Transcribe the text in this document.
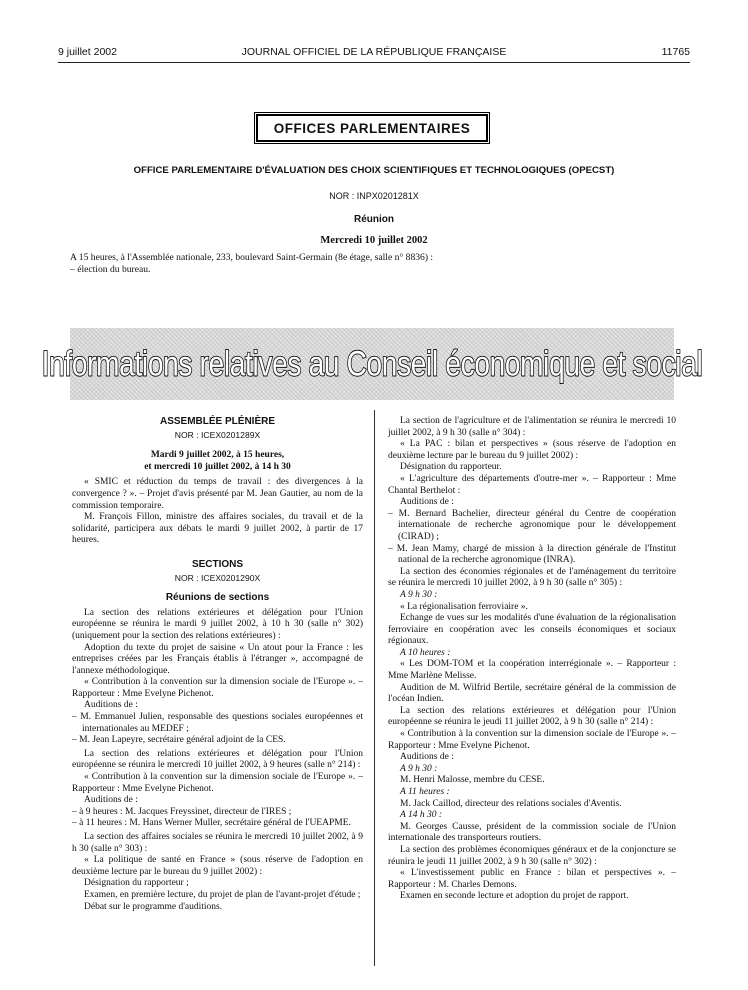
9 juillet 2002	JOURNAL OFFICIEL DE LA RÉPUBLIQUE FRANÇAISE	11765
OFFICES PARLEMENTAIRES
OFFICE PARLEMENTAIRE D'ÉVALUATION DES CHOIX SCIENTIFIQUES ET TECHNOLOGIQUES (OPECST)
NOR : INPX0201281X
Réunion
Mercredi 10 juillet 2002
A 15 heures, à l'Assemblée nationale, 233, boulevard Saint-Germain (8e étage, salle n° 8836) :
– élection du bureau.
Informations relatives au Conseil économique et social

ASSEMBLÉE PLÉNIÈRE

NOR : ICEX0201289X

Mardi 9 juillet 2002, à 15 heures,

et mercredi 10 juillet 2002, à 14 h 30

« SMIC et réduction du temps de travail : des divergences à la convergence ? ». – Projet d'avis présenté par M. Jean Gautier, au nom de la commission temporaire.

M. François Fillon, ministre des affaires sociales, du travail et de la solidarité, participera aux débats le mardi 9 juillet 2002, à partir de 17 heures.

SECTIONS

NOR : ICEX0201290X

Réunions de sections

La section des relations extérieures et délégation pour l'Union européenne se réunira le mardi 9 juillet 2002, à 10 h 30 (salle n° 302) (uniquement pour la section des relations extérieures) :

Adoption du texte du projet de saisine « Un atout pour la France : les entreprises créées par les Français établis à l'étranger », accompagné de l'annexe méthodologique.

« Contribution à la convention sur la dimension sociale de l'Europe ». – Rapporteur : Mme Evelyne Pichenot.

Auditions de :

– M. Emmanuel Julien, responsable des questions sociales européennes et internationales au MEDEF ;

– M. Jean Lapeyre, secrétaire général adjoint de la CES.

La section des relations extérieures et délégation pour l'Union européenne se réunira le mercredi 10 juillet 2002, à 9 heures (salle n° 214) :

« Contribution à la convention sur la dimension sociale de l'Europe ». – Rapporteur : Mme Evelyne Pichenot.

Auditions de :

– à 9 heures : M. Jacques Freyssinet, directeur de l'IRES ;

– à 11 heures : M. Hans Werner Muller, secrétaire général de l'UEAPME.

La section des affaires sociales se réunira le mercredi 10 juillet 2002, à 9 h 30 (salle n° 303) :

« La politique de santé en France » (sous réserve de l'adoption en deuxième lecture par le bureau du 9 juillet 2002) :

Désignation du rapporteur ;

Examen, en première lecture, du projet de plan de l'avant-projet d'étude ;

Débat sur le programme d'auditions.

La section de l'agriculture et de l'alimentation se réunira le mercredi 10 juillet 2002, à 9 h 30 (salle n° 304) :

« La PAC : bilan et perspectives » (sous réserve de l'adoption en deuxième lecture par le bureau du 9 juillet 2002) :

Désignation du rapporteur.

« L'agriculture des départements d'outre-mer ». – Rapporteur : Mme Chantal Berthelot :

Auditions de :

– M. Bernard Bachelier, directeur général du Centre de coopération internationale de recherche agronomique pour le développement (CIRAD) ;

– M. Jean Mamy, chargé de mission à la direction générale de l'Institut national de la recherche agronomique (INRA).

La section des économies régionales et de l'aménagement du territoire se réunira le mercredi 10 juillet 2002, à 9 h 30 (salle n° 305) :

A 9 h 30 :

« La régionalisation ferroviaire ».

Echange de vues sur les modalités d'une évaluation de la régionalisation ferroviaire en coopération avec les conseils économiques et sociaux régionaux.

A 10 heures :

« Les DOM-TOM et la coopération interrégionale ». – Rapporteur : Mme Marlène Melisse.

Audition de M. Wilfrid Bertile, secrétaire général de la commission de l'océan Indien.

La section des relations extérieures et délégation pour l'Union européenne se réunira le jeudi 11 juillet 2002, à 9 h 30 (salle n° 214) :

« Contribution à la convention sur la dimension sociale de l'Europe ». – Rapporteur : Mme Evelyne Pichenot.

Auditions de :

A 9 h 30 :

M. Henri Malosse, membre du CESE.

A 11 heures :

M. Jack Caillod, directeur des relations sociales d'Aventis.

A 14 h 30 :

M. Georges Causse, président de la commission sociale de l'Union internationale des transporteurs routiers.

La section des problèmes économiques généraux et de la conjoncture se réunira le jeudi 11 juillet 2002, à 9 h 30 (salle n° 302) :

« L'investissement public en France : bilan et perspectives ». – Rapporteur : M. Charles Demons.

Examen en seconde lecture et adoption du projet de rapport.
